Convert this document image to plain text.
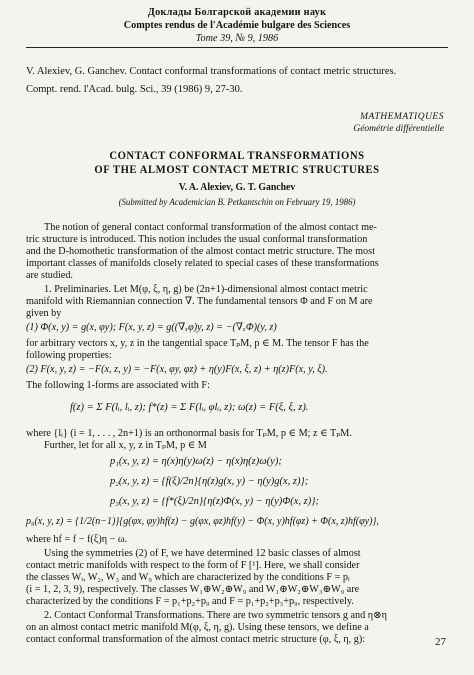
Доклады Болгарской академии наук
Comptes rendus de l'Académie bulgare des Sciences
Tome 39, № 9, 1986
V. Alexiev, G. Ganchev. Contact conformal transformations of contact metric structures.
Compt. rend. l'Acad. bulg. Sci., 39 (1986) 9, 27-30.
MATHEMATIQUES
Géométrie différentielle
CONTACT CONFORMAL TRANSFORMATIONS
OF THE ALMOST CONTACT METRIC STRUCTURES
V. A. Alexiev, G. T. Ganchev
(Submitted by Academician B. Petkantschin on February 19, 1986)
The notion of general contact conformal transformation of the almost contact me-
tric structure is introduced. This notion includes the usual conformal transformation
and the D-homothetic transformation of the almost contact metric structure. The most
important classes of manifolds closely related to special cases of these transformations
are studied.
1. Preliminaries. Let M(φ, ξ, η, g) be (2n+1)-dimensional almost contact metric
manifold with Riemannian connection ∇. The fundamental tensors Φ and F on M are
given by
(1) Φ(x, y) = g(x, φy); F(x, y, z) = g((∇ₓφ)y, z) = −(∇ₓΦ)(y, z)
for arbitrary vectors x, y, z in the tangential space TₚM, p ∈ M. The tensor F has the
following properties:
(2) F(x, y, z) = −F(x, z, y) = −F(x, φy, φz) + η(y)F(x, ξ, z) + η(z)F(x, y, ξ).
The following 1-forms are associated with F:
f(z) = Σ F(lᵢ, lᵢ, z); f*(z) = Σ F(lᵢ, φlᵢ, z); ω(z) = F(ξ, ξ, z).
where {lᵢ} (i = 1, . . . , 2n+1) is an orthonormal basis for TₚM, p ∈ M; z ∈ TₚM.
Further, let for all x, y, z in TₚM, p ∈ M
p₁(x, y, z) = η(x)η(y)ω(z) − η(x)η(z)ω(y);
p₂(x, y, z) = {f(ξ)/2n}{η(z)g(x, y) − η(y)g(x, z)};
p₃(x, y, z) = {f*(ξ)/2n}{η(z)Φ(x, y) − η(y)Φ(x, z)};
p₉(x, y, z) = {1/2(n−1)}{g(φx, φy)hf(z) − g(φx, φz)hf(y) − Φ(x, y)hf(φz) + Φ(x, z)hf(φy)},
where hf = f − f(ξ)η − ω.
Using the symmetries (2) of F, we have determined 12 basic classes of almost
contact metric manifolds with respect to the form of F [¹]. Here, we shall consider
the classes Wᵢ, W₂, W₃ and W₉ which are characterized by the conditions F = pᵢ
(i = 1, 2, 3, 9), respectively. The classes W₁⊕W₂⊕W₉ and W₁⊕W₂⊕W₃⊕W₉ are
characterized by the conditions F = p₁+p₂+p₉ and F = p₁+p₂+p₃+p₉, respectively.
2. Contact Conformal Transformations. There are two symmetric tensors g and η⊗η
on an almost contact metric manifold M(φ, ξ, η, g). Using these tensors, we define a
contact conformal transformation of the almost contact metric structure (φ, ξ, η, g):	27
